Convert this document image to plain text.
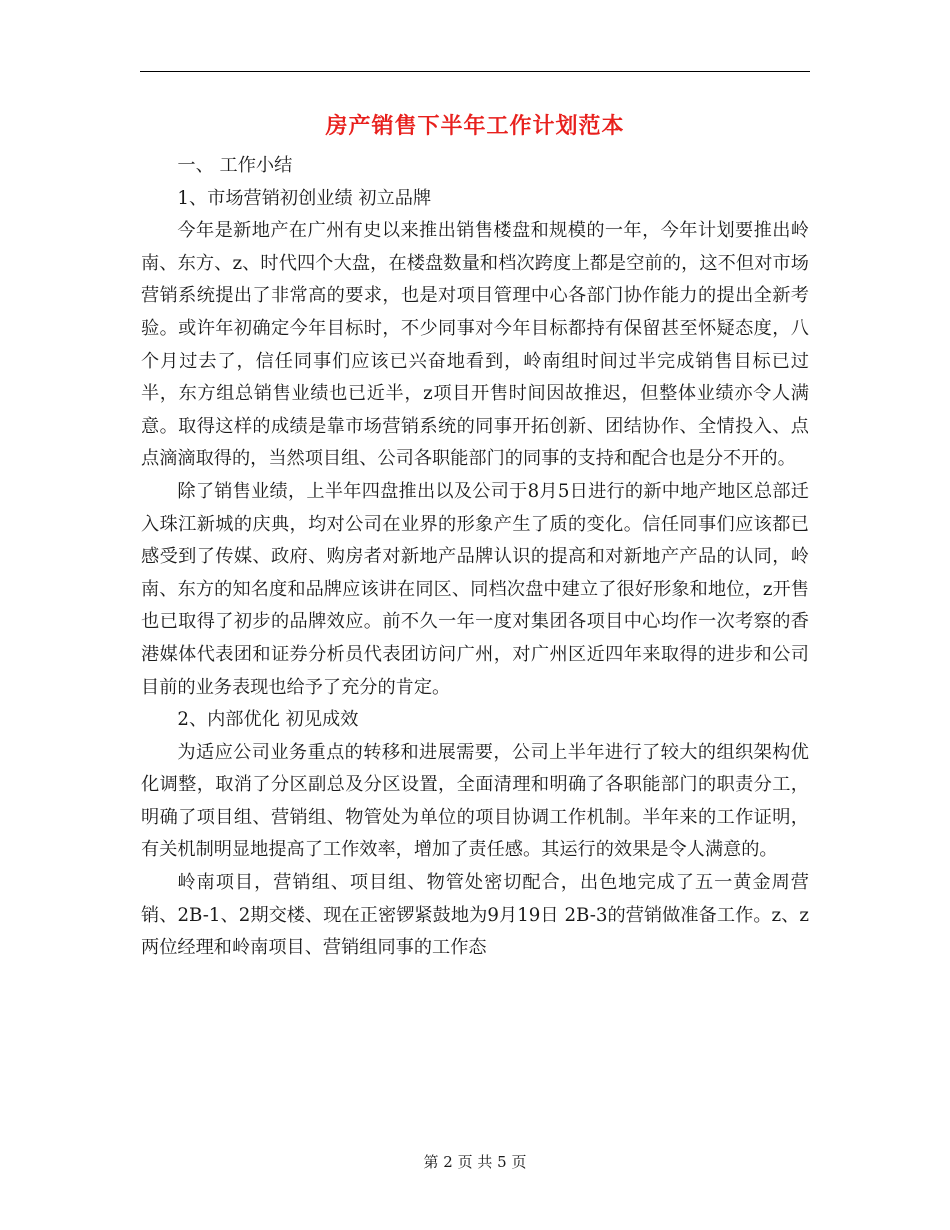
房产销售下半年工作计划范本

一、 工作小结

1、市场营销初创业绩 初立品牌

今年是新地产在广州有史以来推出销售楼盘和规模的一年，今年计划要推出岭南、东方、z、时代四个大盘，在楼盘数量和档次跨度上都是空前的，这不但对市场营销系统提出了非常高的要求，也是对项目管理中心各部门协作能力的提出全新考验。或许年初确定今年目标时，不少同事对今年目标都持有保留甚至怀疑态度，八个月过去了，信任同事们应该已兴奋地看到，岭南组时间过半完成销售目标已过半，东方组总销售业绩也已近半，z项目开售时间因故推迟，但整体业绩亦令人满意。取得这样的成绩是靠市场营销系统的同事开拓创新、团结协作、全情投入、点点滴滴取得的，当然项目组、公司各职能部门的同事的支持和配合也是分不开的。

除了销售业绩，上半年四盘推出以及公司于8月5日进行的新中地产地区总部迁入珠江新城的庆典，均对公司在业界的形象产生了质的变化。信任同事们应该都已感受到了传媒、政府、购房者对新地产品牌认识的提高和对新地产产品的认同，岭南、东方的知名度和品牌应该讲在同区、同档次盘中建立了很好形象和地位，z开售也已取得了初步的品牌效应。前不久一年一度对集团各项目中心均作一次考察的香港媒体代表团和证券分析员代表团访问广州，对广州区近四年来取得的进步和公司目前的业务表现也给予了充分的肯定。

2、内部优化 初见成效

为适应公司业务重点的转移和进展需要，公司上半年进行了较大的组织架构优化调整，取消了分区副总及分区设置，全面清理和明确了各职能部门的职责分工，明确了项目组、营销组、物管处为单位的项目协调工作机制。半年来的工作证明，有关机制明显地提高了工作效率，增加了责任感。其运行的效果是令人满意的。

岭南项目，营销组、项目组、物管处密切配合，出色地完成了五一黄金周营销、2B-1、2期交楼、现在正密锣紧鼓地为9月19日 2B-3的营销做准备工作。z、z两位经理和岭南项目、营销组同事的工作态

第 2 页 共 5 页
